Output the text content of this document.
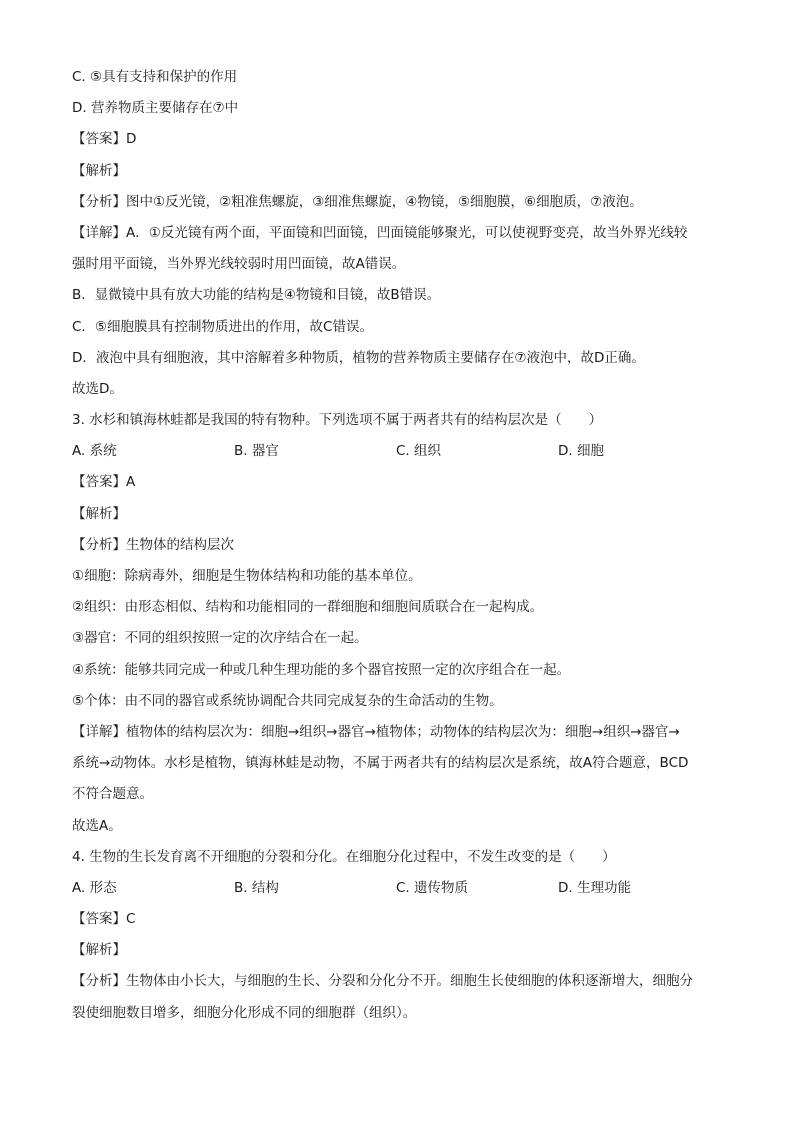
C. ⑤具有支持和保护的作用
D. 营养物质主要储存在⑦中
【答案】D
【解析】
【分析】图中①反光镜，②粗准焦螺旋，③细准焦螺旋，④物镜，⑤细胞膜，⑥细胞质，⑦液泡。
【详解】A．①反光镜有两个面，平面镜和凹面镜，凹面镜能够聚光，可以使视野变亮，故当外界光线较
强时用平面镜，当外界光线较弱时用凹面镜，故A错误。
B．显微镜中具有放大功能的结构是④物镜和目镜，故B错误。
C．⑤细胞膜具有控制物质进出的作用，故C错误。
D．液泡中具有细胞液，其中溶解着多种物质，植物的营养物质主要储存在⑦液泡中，故D正确。
故选D。
3. 水杉和镇海林蛙都是我国的特有物种。下列选项不属于两者共有的结构层次是（　　）
A. 系统	B. 器官	C. 组织	D. 细胞
【答案】A
【解析】
【分析】生物体的结构层次
①细胞：除病毒外，细胞是生物体结构和功能的基本单位。
②组织：由形态相似、结构和功能相同的一群细胞和细胞间质联合在一起构成。
③器官：不同的组织按照一定的次序结合在一起。
④系统：能够共同完成一种或几种生理功能的多个器官按照一定的次序组合在一起。
⑤个体：由不同的器官或系统协调配合共同完成复杂的生命活动的生物。
【详解】植物体的结构层次为：细胞→组织→器官→植物体；动物体的结构层次为：细胞→组织→器官→
系统→动物体。水杉是植物，镇海林蛙是动物，不属于两者共有的结构层次是系统，故A符合题意，BCD
不符合题意。
故选A。
4. 生物的生长发育离不开细胞的分裂和分化。在细胞分化过程中，不发生改变的是（　　）
A. 形态	B. 结构	C. 遗传物质	D. 生理功能
【答案】C
【解析】
【分析】生物体由小长大，与细胞的生长、分裂和分化分不开。细胞生长使细胞的体积逐渐增大，细胞分
裂使细胞数目增多，细胞分化形成不同的细胞群（组织）。
